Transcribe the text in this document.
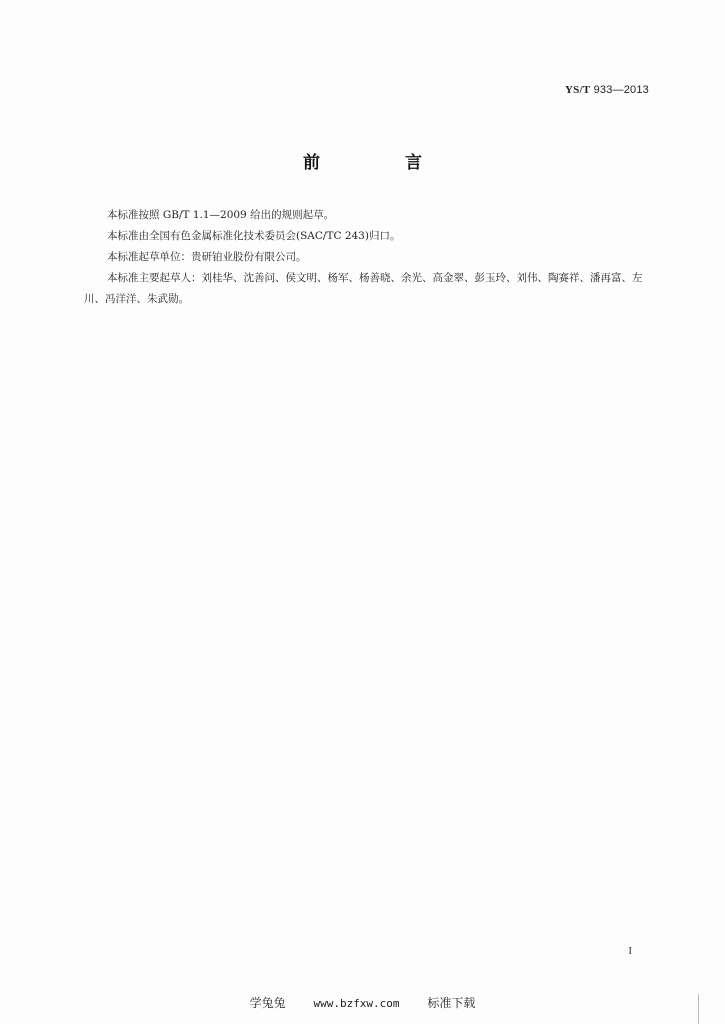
YS/T 933—2013
前　言

本标准按照 GB/T 1.1—2009 给出的规则起草。

本标准由全国有色金属标准化技术委员会(SAC/TC 243)归口。

本标准起草单位：贵研铂业股份有限公司。

本标准主要起草人：刘桂华、沈善问、侯文明、杨军、杨善晓、余光、高金翠、彭玉玲、刘伟、陶赛祥、潘再富、左川、冯洋洋、朱武勋。

I
学兔兔	www.bzfxw.com 标准下载
